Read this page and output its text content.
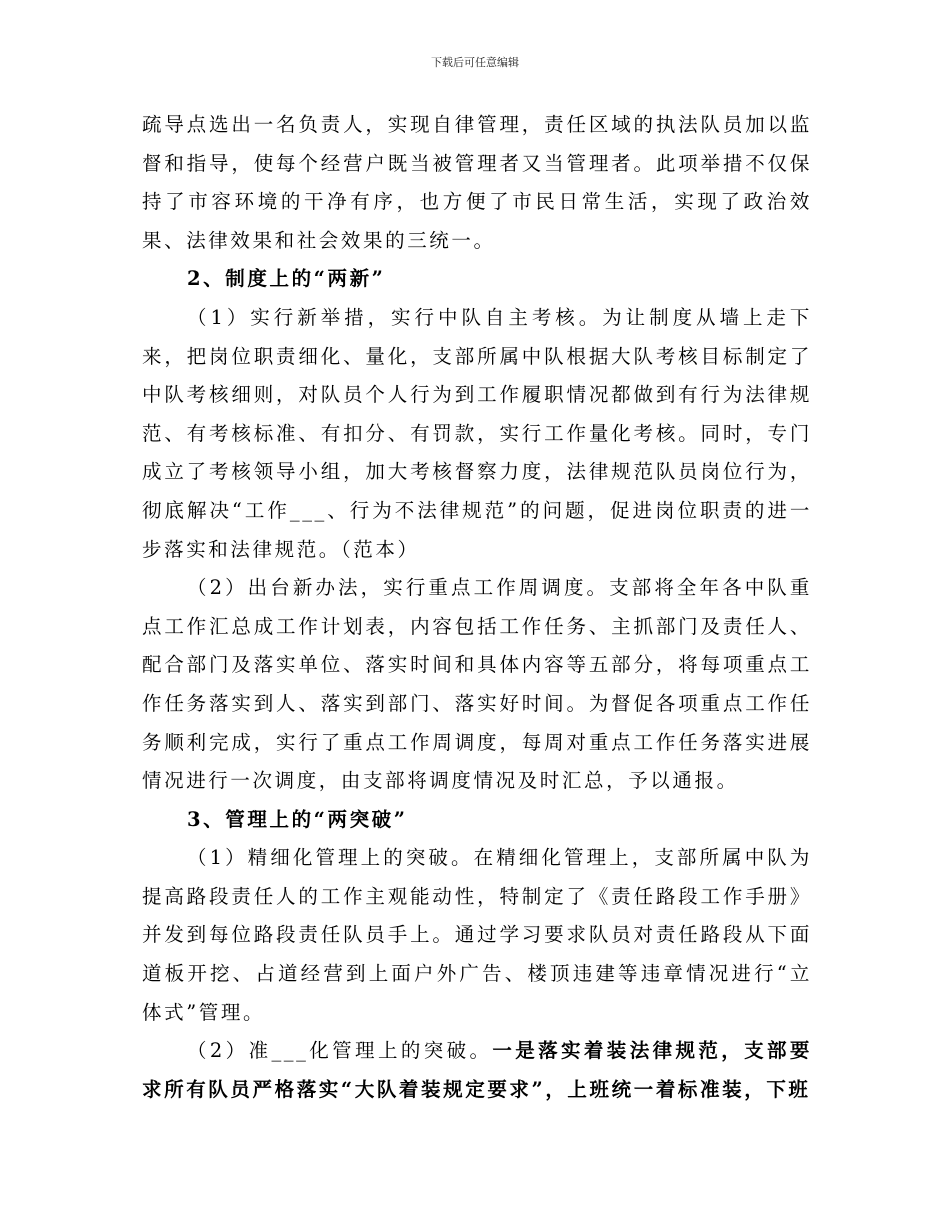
下载后可任意编辑

疏导点选出一名负责人，实现自律管理，责任区域的执法队员加以监督和指导，使每个经营户既当被管理者又当管理者。此项举措不仅保持了市容环境的干净有序，也方便了市民日常生活，实现了政治效果、法律效果和社会效果的三统一。

2、制度上的“两新”

（1）实行新举措，实行中队自主考核。为让制度从墙上走下来，把岗位职责细化、量化，支部所属中队根据大队考核目标制定了中队考核细则，对队员个人行为到工作履职情况都做到有行为法律规范、有考核标准、有扣分、有罚款，实行工作量化考核。同时，专门成立了考核领导小组，加大考核督察力度，法律规范队员岗位行为，彻底解决“工作___、行为不法律规范”的问题，促进岗位职责的进一步落实和法律规范。（范本）

（2）出台新办法，实行重点工作周调度。支部将全年各中队重点工作汇总成工作计划表，内容包括工作任务、主抓部门及责任人、配合部门及落实单位、落实时间和具体内容等五部分，将每项重点工作任务落实到人、落实到部门、落实好时间。为督促各项重点工作任务顺利完成，实行了重点工作周调度，每周对重点工作任务落实进展情况进行一次调度，由支部将调度情况及时汇总，予以通报。

3、管理上的“两突破”

（1）精细化管理上的突破。在精细化管理上，支部所属中队为提高路段责任人的工作主观能动性，特制定了《责任路段工作手册》并发到每位路段责任队员手上。通过学习要求队员对责任路段从下面道板开挖、占道经营到上面户外广告、楼顶违建等违章情况进行“立体式”管理。

（2）准___化管理上的突破。一是落实着装法律规范，支部要求所有队员严格落实“大队着装规定要求”，上班统一着标准装，下班
